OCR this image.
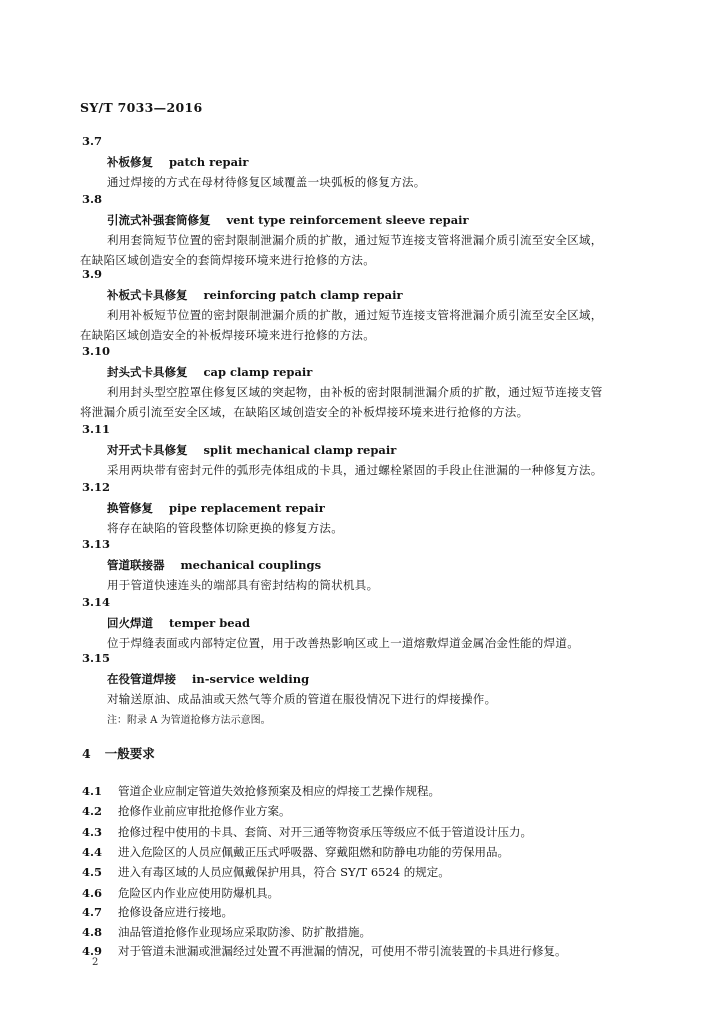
SY/T 7033—2016
3.7
补板修复 patch repair
通过焊接的方式在母材待修复区域覆盖一块弧板的修复方法。
3.8
引流式补强套筒修复 vent type reinforcement sleeve repair
利用套筒短节位置的密封限制泄漏介质的扩散，通过短节连接支管将泄漏介质引流至安全区域，
在缺陷区域创造安全的套筒焊接环境来进行抢修的方法。
3.9
补板式卡具修复 reinforcing patch clamp repair
利用补板短节位置的密封限制泄漏介质的扩散，通过短节连接支管将泄漏介质引流至安全区域，
在缺陷区域创造安全的补板焊接环境来进行抢修的方法。
3.10
封头式卡具修复 cap clamp repair
利用封头型空腔罩住修复区域的突起物，由补板的密封限制泄漏介质的扩散，通过短节连接支管
将泄漏介质引流至安全区域，在缺陷区域创造安全的补板焊接环境来进行抢修的方法。
3.11
对开式卡具修复 split mechanical clamp repair
采用两块带有密封元件的弧形壳体组成的卡具，通过螺栓紧固的手段止住泄漏的一种修复方法。
3.12
换管修复 pipe replacement repair
将存在缺陷的管段整体切除更换的修复方法。
3.13
管道联接器 mechanical couplings
用于管道快速连头的端部具有密封结构的筒状机具。
3.14
回火焊道 temper bead
位于焊缝表面或内部特定位置，用于改善热影响区或上一道熔敷焊道金属冶金性能的焊道。
3.15
在役管道焊接 in-service welding
对输送原油、成品油或天然气等介质的管道在服役情况下进行的焊接操作。
注：附录 A 为管道抢修方法示意图。
4 一般要求
4.1 管道企业应制定管道失效抢修预案及相应的焊接工艺操作规程。
4.2 抢修作业前应审批抢修作业方案。
4.3 抢修过程中使用的卡具、套筒、对开三通等物资承压等级应不低于管道设计压力。
4.4 进入危险区的人员应佩戴正压式呼吸器、穿戴阻燃和防静电功能的劳保用品。
4.5 进入有毒区域的人员应佩戴保护用具，符合 SY/T 6524 的规定。
4.6 危险区内作业应使用防爆机具。
4.7 抢修设备应进行接地。
4.8 油品管道抢修作业现场应采取防渗、防扩散措施。
4.9 对于管道未泄漏或泄漏经过处置不再泄漏的情况，可使用不带引流装置的卡具进行修复。
2
